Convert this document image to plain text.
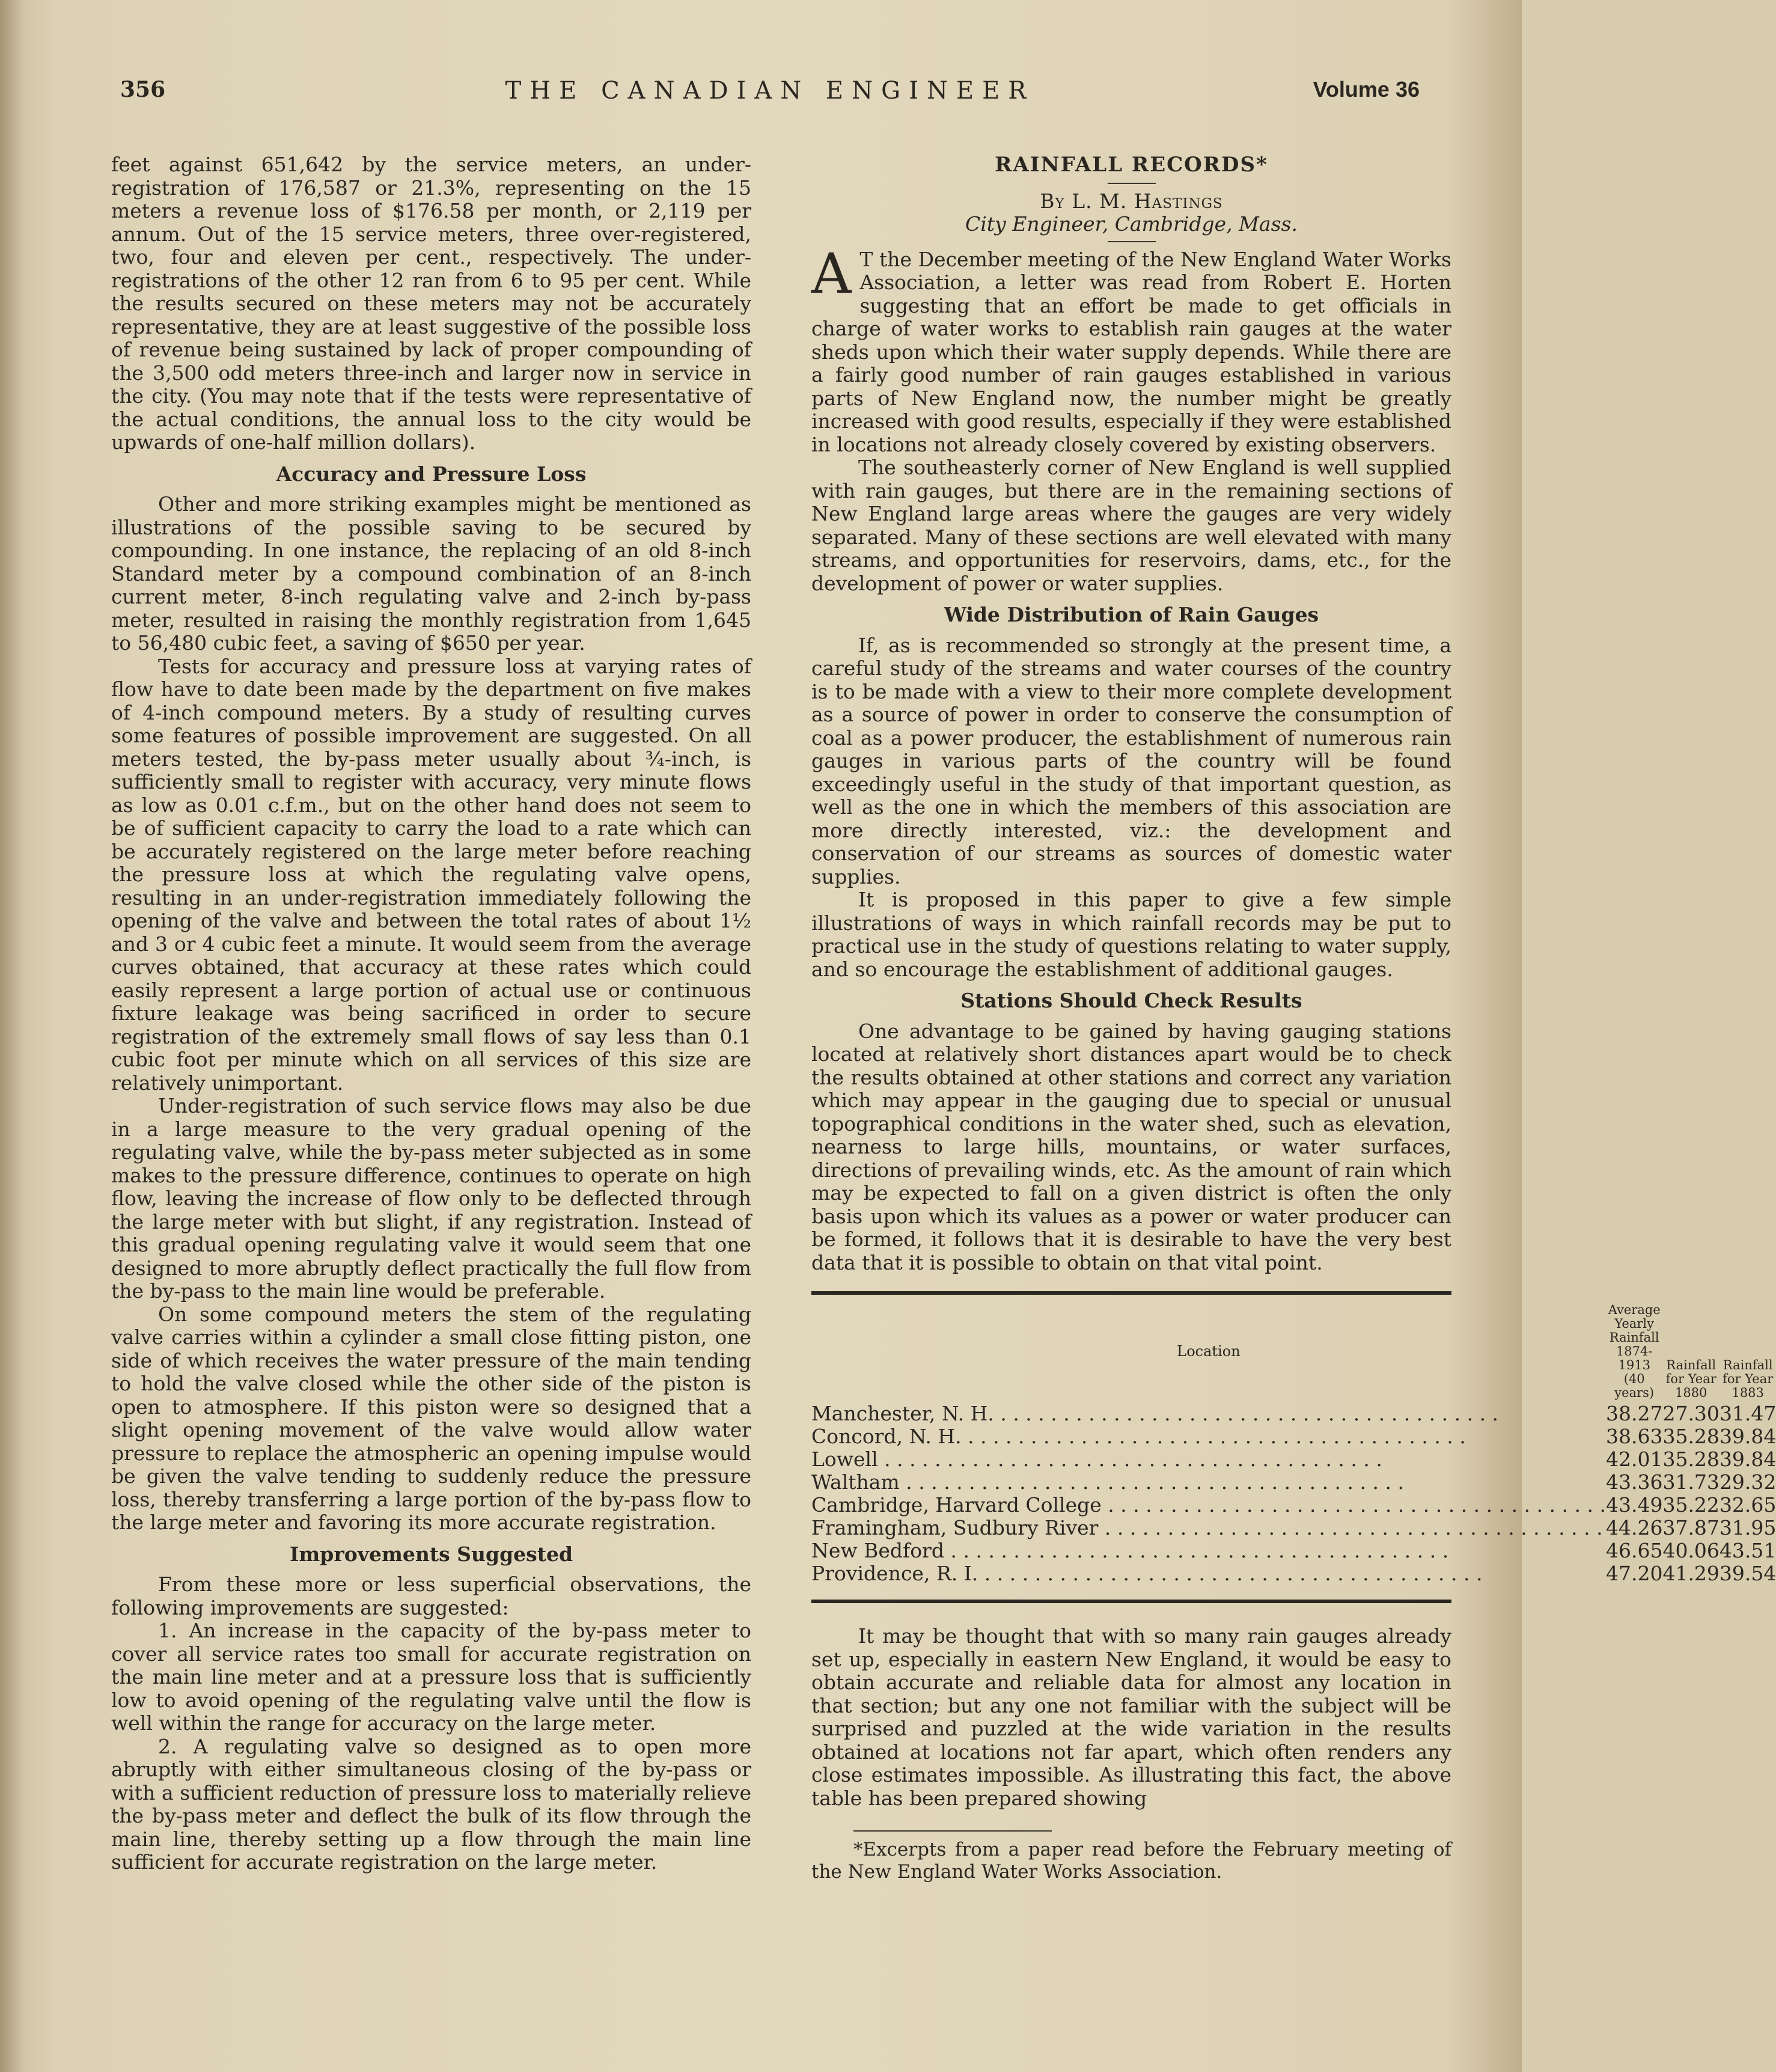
356	THE CANADIAN ENGINEER	Volume 36

feet against 651,642 by the service meters, an under-registration of 176,587 or 21.3%, representing on the 15 meters a revenue loss of $176.58 per month, or 2,119 per annum. Out of the 15 service meters, three over-registered, two, four and eleven per cent., respectively. The under-registrations of the other 12 ran from 6 to 95 per cent. While the results secured on these meters may not be accurately representative, they are at least suggestive of the possible loss of revenue being sustained by lack of proper compounding of the 3,500 odd meters three-inch and larger now in service in the city. (You may note that if the tests were representative of the actual conditions, the annual loss to the city would be upwards of one-half million dollars).

Accuracy and Pressure Loss

Other and more striking examples might be mentioned as illustrations of the possible saving to be secured by compounding. In one instance, the replacing of an old 8-inch Standard meter by a compound combination of an 8-inch current meter, 8-inch regulating valve and 2-inch by-pass meter, resulted in raising the monthly registration from 1,645 to 56,480 cubic feet, a saving of $650 per year.

Tests for accuracy and pressure loss at varying rates of flow have to date been made by the department on five makes of 4-inch compound meters. By a study of resulting curves some features of possible improvement are suggested. On all meters tested, the by-pass meter usually about ¾-inch, is sufficiently small to register with accuracy, very minute flows as low as 0.01 c.f.m., but on the other hand does not seem to be of sufficient capacity to carry the load to a rate which can be accurately registered on the large meter before reaching the pressure loss at which the regulating valve opens, resulting in an under-registration immediately following the opening of the valve and between the total rates of about 1½ and 3 or 4 cubic feet a minute. It would seem from the average curves obtained, that accuracy at these rates which could easily represent a large portion of actual use or continuous fixture leakage was being sacrificed in order to secure registration of the extremely small flows of say less than 0.1 cubic foot per minute which on all services of this size are relatively unimportant.

Under-registration of such service flows may also be due in a large measure to the very gradual opening of the regulating valve, while the by-pass meter subjected as in some makes to the pressure difference, continues to operate on high flow, leaving the increase of flow only to be deflected through the large meter with but slight, if any registration. Instead of this gradual opening regulating valve it would seem that one designed to more abruptly deflect practically the full flow from the by-pass to the main line would be preferable.

On some compound meters the stem of the regulating valve carries within a cylinder a small close fitting piston, one side of which receives the water pressure of the main tending to hold the valve closed while the other side of the piston is open to atmosphere. If this piston were so designed that a slight opening movement of the valve would allow water pressure to replace the atmospheric an opening impulse would be given the valve tending to suddenly reduce the pressure loss, thereby transferring a large portion of the by-pass flow to the large meter and favoring its more accurate registration.

Improvements Suggested

From these more or less superficial observations, the following improvements are suggested:

1. An increase in the capacity of the by-pass meter to cover all service rates too small for accurate registration on the main line meter and at a pressure loss that is sufficiently low to avoid opening of the regulating valve until the flow is well within the range for accuracy on the large meter.

2. A regulating valve so designed as to open more abruptly with either simultaneous closing of the by-pass or with a sufficient reduction of pressure loss to materially relieve the by-pass meter and deflect the bulk of its flow through the main line, thereby setting up a flow through the main line sufficient for accurate registration on the large meter.

RAINFALL RECORDS*

By L. M. Hastings

City Engineer, Cambridge, Mass.

A T the December meeting of the New England Water Works Association, a letter was read from Robert E. Horten suggesting that an effort be made to get officials in charge of water works to establish rain gauges at the water sheds upon which their water supply depends. While there are a fairly good number of rain gauges established in various parts of New England now, the number might be greatly increased with good results, especially if they were established in locations not already closely covered by existing observers.

The southeasterly corner of New England is well supplied with rain gauges, but there are in the remaining sections of New England large areas where the gauges are very widely separated. Many of these sections are well elevated with many streams, and opportunities for reservoirs, dams, etc., for the development of power or water supplies.

Wide Distribution of Rain Gauges

If, as is recommended so strongly at the present time, a careful study of the streams and water courses of the country is to be made with a view to their more complete development as a source of power in order to conserve the consumption of coal as a power producer, the establishment of numerous rain gauges in various parts of the country will be found exceedingly useful in the study of that important question, as well as the one in which the members of this association are more directly interested, viz.: the development and conservation of our streams as sources of domestic water supplies.

It is proposed in this paper to give a few simple illustrations of ways in which rainfall records may be put to practical use in the study of questions relating to water supply, and so encourage the establishment of additional gauges.

Stations Should Check Results

One advantage to be gained by having gauging stations located at relatively short distances apart would be to check the results obtained at other stations and correct any variation which may appear in the gauging due to special or unusual topographical conditions in the water shed, such as elevation, nearness to large hills, mountains, or water surfaces, directions of prevailing winds, etc. As the amount of rain which may be expected to fall on a given district is often the only basis upon which its values as a power or water producer can be formed, it follows that it is desirable to have the very best data that it is possible to obtain on that vital point.

Location	Average Yearly Rainfall 1874-1913 (40 years)	Rainfall for Year 1880	Rainfall for Year 1883
Manchester, N. H. . . . . . . . . . . . . . . . . . . . . . . . . . . . . . . . . . . . . . . . .	38.27	27.30	31.47
Concord, N. H. . . . . . . . . . . . . . . . . . . . . . . . . . . . . . . . . . . . . . . . .	38.63	35.28	39.84
Lowell . . . . . . . . . . . . . . . . . . . . . . . . . . . . . . . . . . . . . . . .	42.01	35.28	39.84
Waltham . . . . . . . . . . . . . . . . . . . . . . . . . . . . . . . . . . . . . . . .	43.36	31.73	29.32
Cambridge, Harvard College . . . . . . . . . . . . . . . . . . . . . . . . . . . . . . . . . . . . . . . .	43.49	35.22	32.65
Framingham, Sudbury River . . . . . . . . . . . . . . . . . . . . . . . . . . . . . . . . . . . . . . . .	44.26	37.87	31.95
New Bedford . . . . . . . . . . . . . . . . . . . . . . . . . . . . . . . . . . . . . . . .	46.65	40.06	43.51
Providence, R. I. . . . . . . . . . . . . . . . . . . . . . . . . . . . . . . . . . . . . . . . .	47.20	41.29	39.54

It may be thought that with so many rain gauges already set up, especially in eastern New England, it would be easy to obtain accurate and reliable data for almost any location in that section; but any one not familiar with the subject will be surprised and puzzled at the wide variation in the results obtained at locations not far apart, which often renders any close estimates impossible. As illustrating this fact, the above table has been prepared showing

*Excerpts from a paper read before the February meeting of the New England Water Works Association.
